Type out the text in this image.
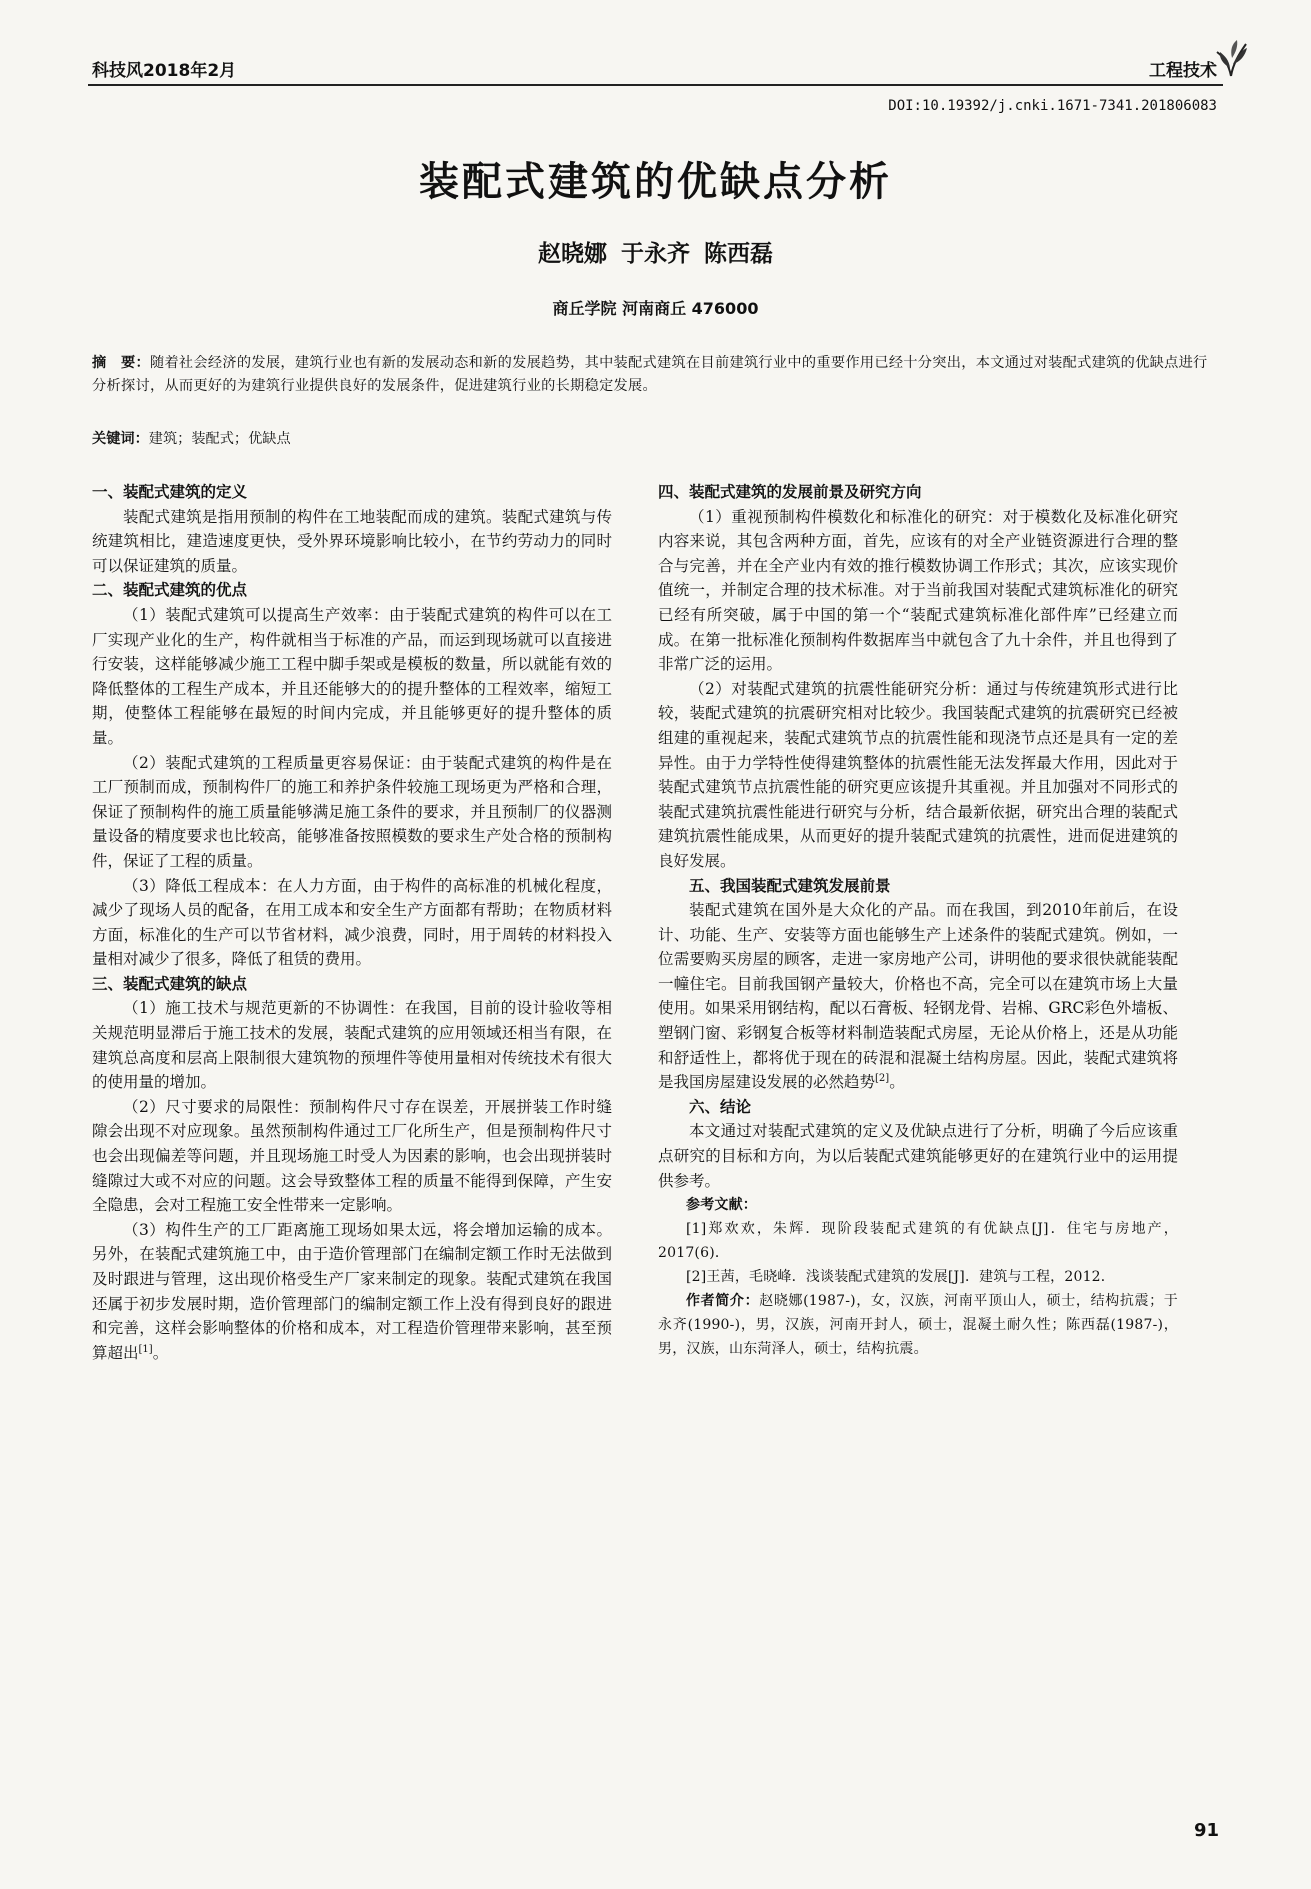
科技风2018年2月	工程技术
DOI:10.19392/j.cnki.1671-7341.201806083
装配式建筑的优缺点分析
赵晓娜 于永齐 陈西磊
商丘学院 河南商丘 476000
摘　要：随着社会经济的发展，建筑行业也有新的发展动态和新的发展趋势，其中装配式建筑在目前建筑行业中的重要作用已经十分突出，本文通过对装配式建筑的优缺点进行分析探讨，从而更好的为建筑行业提供良好的发展条件，促进建筑行业的长期稳定发展。
关键词：建筑；装配式；优缺点
一、装配式建筑的定义

装配式建筑是指用预制的构件在工地装配而成的建筑。装配式建筑与传统建筑相比，建造速度更快，受外界环境影响比较小，在节约劳动力的同时可以保证建筑的质量。

二、装配式建筑的优点

（1）装配式建筑可以提高生产效率：由于装配式建筑的构件可以在工厂实现产业化的生产，构件就相当于标准的产品，而运到现场就可以直接进行安装，这样能够减少施工工程中脚手架或是模板的数量，所以就能有效的降低整体的工程生产成本，并且还能够大的的提升整体的工程效率，缩短工期，使整体工程能够在最短的时间内完成，并且能够更好的提升整体的质量。

（2）装配式建筑的工程质量更容易保证：由于装配式建筑的构件是在工厂预制而成，预制构件厂的施工和养护条件较施工现场更为严格和合理，保证了预制构件的施工质量能够满足施工条件的要求，并且预制厂的仪器测量设备的精度要求也比较高，能够准备按照模数的要求生产处合格的预制构件，保证了工程的质量。

（3）降低工程成本：在人力方面，由于构件的高标准的机械化程度，减少了现场人员的配备，在用工成本和安全生产方面都有帮助；在物质材料方面，标准化的生产可以节省材料，减少浪费，同时，用于周转的材料投入量相对减少了很多，降低了租赁的费用。

三、装配式建筑的缺点

（1）施工技术与规范更新的不协调性：在我国，目前的设计验收等相关规范明显滞后于施工技术的发展，装配式建筑的应用领域还相当有限，在建筑总高度和层高上限制很大建筑物的预埋件等使用量相对传统技术有很大的使用量的增加。

（2）尺寸要求的局限性：预制构件尺寸存在误差，开展拼装工作时缝隙会出现不对应现象。虽然预制构件通过工厂化所生产，但是预制构件尺寸也会出现偏差等问题，并且现场施工时受人为因素的影响，也会出现拼装时缝隙过大或不对应的问题。这会导致整体工程的质量不能得到保障，产生安全隐患，会对工程施工安全性带来一定影响。

（3）构件生产的工厂距离施工现场如果太远，将会增加运输的成本。另外，在装配式建筑施工中，由于造价管理部门在编制定额工作时无法做到及时跟进与管理，这出现价格受生产厂家来制定的现象。装配式建筑在我国还属于初步发展时期，造价管理部门的编制定额工作上没有得到良好的跟进和完善，这样会影响整体的价格和成本，对工程造价管理带来影响，甚至预算超出[1]。

四、装配式建筑的发展前景及研究方向

（1）重视预制构件模数化和标准化的研究：对于模数化及标准化研究内容来说，其包含两种方面，首先，应该有的对全产业链资源进行合理的整合与完善，并在全产业内有效的推行模数协调工作形式；其次，应该实现价值统一，并制定合理的技术标准。对于当前我国对装配式建筑标准化的研究已经有所突破，属于中国的第一个“装配式建筑标准化部件库”已经建立而成。在第一批标准化预制构件数据库当中就包含了九十余件，并且也得到了非常广泛的运用。

（2）对装配式建筑的抗震性能研究分析：通过与传统建筑形式进行比较，装配式建筑的抗震研究相对比较少。我国装配式建筑的抗震研究已经被组建的重视起来，装配式建筑节点的抗震性能和现浇节点还是具有一定的差异性。由于力学特性使得建筑整体的抗震性能无法发挥最大作用，因此对于装配式建筑节点抗震性能的研究更应该提升其重视。并且加强对不同形式的装配式建筑抗震性能进行研究与分析，结合最新依据，研究出合理的装配式建筑抗震性能成果，从而更好的提升装配式建筑的抗震性，进而促进建筑的良好发展。

五、我国装配式建筑发展前景

装配式建筑在国外是大众化的产品。而在我国，到2010年前后，在设计、功能、生产、安装等方面也能够生产上述条件的装配式建筑。例如，一位需要购买房屋的顾客，走进一家房地产公司，讲明他的要求很快就能装配一幢住宅。目前我国钢产量较大，价格也不高，完全可以在建筑市场上大量使用。如果采用钢结构，配以石膏板、轻钢龙骨、岩棉、GRC彩色外墙板、塑钢门窗、彩钢复合板等材料制造装配式房屋，无论从价格上，还是从功能和舒适性上，都将优于现在的砖混和混凝土结构房屋。因此，装配式建筑将是我国房屋建设发展的必然趋势[2]。

六、结论

本文通过对装配式建筑的定义及优缺点进行了分析，明确了今后应该重点研究的目标和方向，为以后装配式建筑能够更好的在建筑行业中的运用提供参考。

参考文献：

[1]郑欢欢，朱辉．现阶段装配式建筑的有优缺点[J]．住宅与房地产，2017(6)．

[2]王茜，毛晓峰．浅谈装配式建筑的发展[J]．建筑与工程，2012．

作者简介：赵晓娜(1987-)，女，汉族，河南平顶山人，硕士，结构抗震；于永齐(1990-)，男，汉族，河南开封人，硕士，混凝土耐久性；陈西磊(1987-)，男，汉族，山东菏泽人，硕士，结构抗震。

91
